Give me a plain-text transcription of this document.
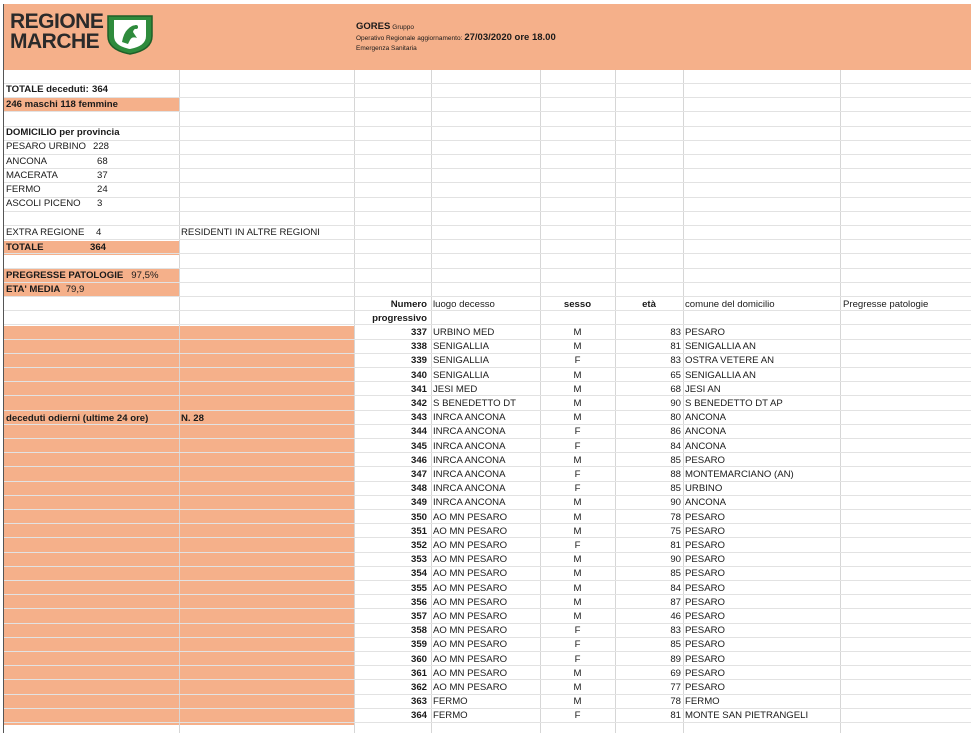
REGIONE
MARCHE
GORES Gruppo
Operativo Regionale aggiornamento: 27/03/2020 ore 18.00
Emergenza Sanitaria
TOTALE deceduti: 364
246 maschi 118 femmine
DOMICILIO per provincia
PESARO URBINO 228
ANCONA	68
MACERATA	37
FERMO	24
ASCOLI PICENO 3
EXTRA REGIONE 4	RESIDENTI IN ALTRE REGIONI
TOTALE	364
PREGRESSE PATOLOGIE 97,5%
ETA' MEDIA 79,9
deceduti odierni (ultime 24 ore)	N. 28
Numero
progressivo
luogo decesso	sesso	età	comune del domicilio	Pregresse patologie
337 URBINO MED	M	83 PESARO
338 SENIGALLIA	M	81 SENIGALLIA AN
339 SENIGALLIA	F	83 OSTRA VETERE AN
340 SENIGALLIA	M	65 SENIGALLIA AN
341 JESI MED	M	68 JESI AN
342 S BENEDETTO DT	M	90 S BENEDETTO DT AP
343 INRCA ANCONA	M	80 ANCONA
344 INRCA ANCONA	F	86 ANCONA
345 INRCA ANCONA	F	84 ANCONA
346 INRCA ANCONA	M	85 PESARO
347 INRCA ANCONA	F	88 MONTEMARCIANO (AN)
348 INRCA ANCONA	F	85 URBINO
349 INRCA ANCONA	M	90 ANCONA
350 AO MN PESARO	M	78 PESARO
351 AO MN PESARO	M	75 PESARO
352 AO MN PESARO	F	81 PESARO
353 AO MN PESARO	M	90 PESARO
354 AO MN PESARO	M	85 PESARO
355 AO MN PESARO	M	84 PESARO
356 AO MN PESARO	M	87 PESARO
357 AO MN PESARO	M	46 PESARO
358 AO MN PESARO	F	83 PESARO
359 AO MN PESARO	F	85 PESARO
360 AO MN PESARO	F	89 PESARO
361 AO MN PESARO	M	69 PESARO
362 AO MN PESARO	M	77 PESARO
363 FERMO	M	78 FERMO
364 FERMO	F	81 MONTE SAN PIETRANGELI
